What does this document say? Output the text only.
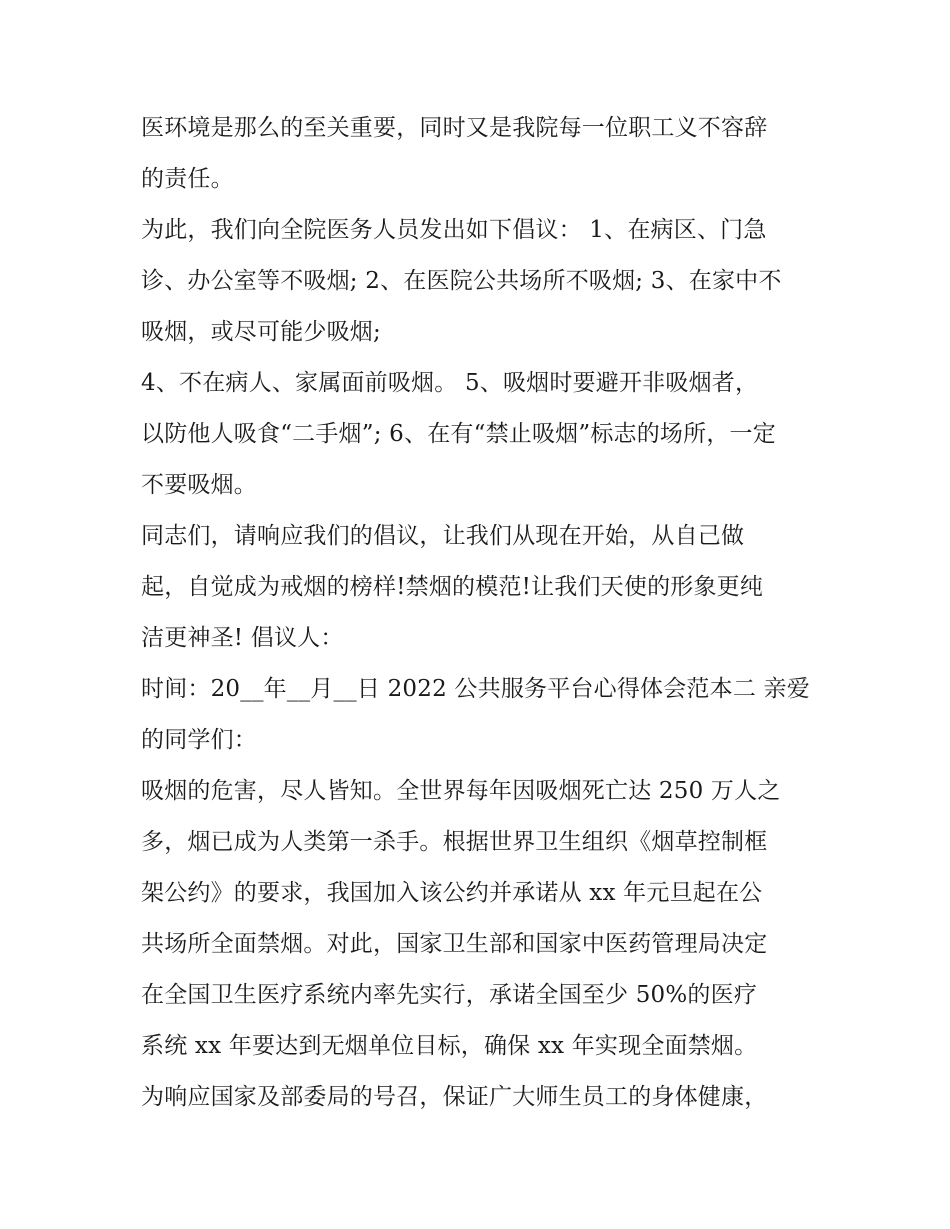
医环境是那么的至关重要，同时又是我院每一位职工义不容辞
的责任。
为此，我们向全院医务人员发出如下倡议： 1、在病区、门急
诊、办公室等不吸烟; 2、在医院公共场所不吸烟; 3、在家中不
吸烟，或尽可能少吸烟;
4、不在病人、家属面前吸烟。 5、吸烟时要避开非吸烟者，
以防他人吸食“二手烟”; 6、在有“禁止吸烟”标志的场所，一定
不要吸烟。
同志们，请响应我们的倡议，让我们从现在开始，从自己做
起，自觉成为戒烟的榜样!禁烟的模范!让我们天使的形象更纯
洁更神圣! 倡议人：
时间：20__年__月__日 2022 公共服务平台心得体会范本二 亲爱
的同学们：
吸烟的危害，尽人皆知。全世界每年因吸烟死亡达 250 万人之
多，烟已成为人类第一杀手。根据世界卫生组织《烟草控制框
架公约》的要求，我国加入该公约并承诺从 xx 年元旦起在公
共场所全面禁烟。对此，国家卫生部和国家中医药管理局决定
在全国卫生医疗系统内率先实行，承诺全国至少 50%的医疗
系统 xx 年要达到无烟单位目标，确保 xx 年实现全面禁烟。
为响应国家及部委局的号召，保证广大师生员工的身体健康，
